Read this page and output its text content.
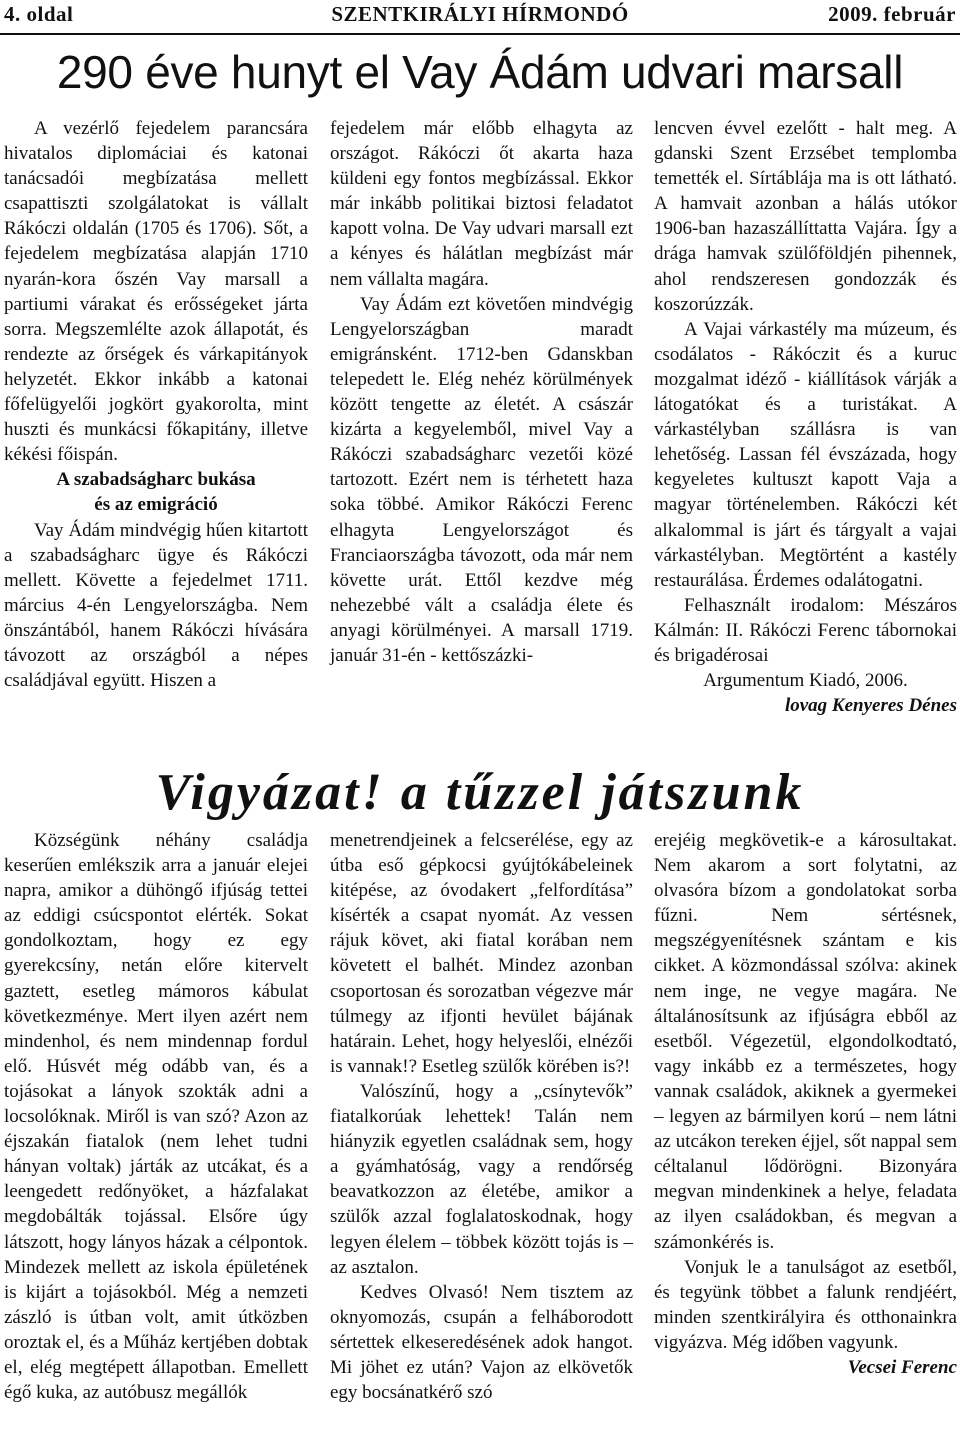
SZENTKIRÁLYI HÍRMONDÓ
4. oldal	2009. február
290 éve hunyt el Vay Ádám udvari marsall

A vezérlő fejedelem parancsára hivatalos diplomáciai és katonai tanácsadói megbízatása mellett csapattiszti szolgálatokat is vállalt Rákóczi oldalán (1705 és 1706). Sőt, a fejedelem megbízatása alapján 1710 nyarán-kora őszén Vay marsall a partiumi várakat és erősségeket járta sorra. Megszemlélte azok állapotát, és rendezte az őrségek és várkapitányok helyzetét. Ekkor inkább a katonai főfelügyelői jogkört gyakorolta, mint huszti és munkácsi főkapitány, illetve kékési főispán.

A szabadságharc bukása

és az emigráció

Vay Ádám mindvégig hűen kitartott a szabadságharc ügye és Rákóczi mellett. Követte a fejedelmet 1711. március 4-én Lengyelországba. Nem önszántából, hanem Rákóczi hívására távozott az országból a népes családjával együtt. Hiszen a

fejedelem már előbb elhagyta az országot. Rákóczi őt akarta haza küldeni egy fontos megbízással. Ekkor már inkább politikai biztosi feladatot kapott volna. De Vay udvari marsall ezt a kényes és hálátlan megbízást már nem vállalta magára.

Vay Ádám ezt követően mindvégig Lengyelországban maradt emigránsként. 1712-ben Gdanskban telepedett le. Elég nehéz körülmények között tengette az életét. A császár kizárta a kegyelemből, mivel Vay a Rákóczi szabadságharc vezetői közé tartozott. Ezért nem is térhetett haza soka többé. Amikor Rákóczi Ferenc elhagyta Lengyelországot és Franciaországba távozott, oda már nem követte urát. Ettől kezdve még nehezebbé vált a családja élete és anyagi körülményei. A marsall 1719. január 31-én - kettőszázki-

lencven évvel ezelőtt - halt meg. A gdanski Szent Erzsébet templomba temették el. Sírtáblája ma is ott látható. A hamvait azonban a hálás utókor 1906-ban hazaszállíttatta Vajára. Így a drága hamvak szülőföldjén pihennek, ahol rendszeresen gondozzák és koszorúzzák.

A Vajai várkastély ma múzeum, és csodálatos - Rákóczit és a kuruc mozgalmat idéző - kiállítások várják a látogatókat és a turistákat. A várkastélyban szállásra is van lehetőség. Lassan fél évszázada, hogy kegyeletes kultuszt kapott Vaja a magyar történelemben. Rákóczi két alkalommal is járt és tárgyalt a vajai várkastélyban. Megtörtént a kastély restaurálása. Érdemes odalátogatni.

Felhasznált irodalom: Mészáros Kálmán: II. Rákóczi Ferenc tábornokai és brigadérosai

Argumentum Kiadó, 2006.

lovag Kenyeres Dénes

Vigyázat! a tűzzel játszunk

Községünk néhány családja keserűen emlékszik arra a január elejei napra, amikor a dühöngő ifjúság tettei az eddigi csúcspontot elérték. Sokat gondolkoztam, hogy ez egy gyerekcsíny, netán előre kitervelt gaztett, esetleg mámoros kábulat következménye. Mert ilyen azért nem mindenhol, és nem mindennap fordul elő. Húsvét még odább van, és a tojásokat a lányok szokták adni a locsolóknak. Miről is van szó? Azon az éjszakán fiatalok (nem lehet tudni hányan voltak) járták az utcákat, és a leengedett redőnyöket, a házfalakat megdobálták tojással. Elsőre úgy látszott, hogy lányos házak a célpontok. Mindezek mellett az iskola épületének is kijárt a tojásokból. Még a nemzeti zászló is útban volt, amit útközben oroztak el, és a Műház kertjében dobtak el, elég megtépett állapotban. Emellett égő kuka, az autóbusz megállók

menetrendjeinek a felcserélése, egy az útba eső gépkocsi gyújtókábeleinek kitépése, az óvodakert „felfordítása” kísérték a csapat nyomát. Az vessen rájuk követ, aki fiatal korában nem követett el balhét. Mindez azonban csoportosan és sorozatban végezve már túlmegy az ifjonti hevület bájának határain. Lehet, hogy helyeslői, elnézői is vannak!? Esetleg szülők körében is?!

Valószínű, hogy a „csínytevők” fiatalkorúak lehettek! Talán nem hiányzik egyetlen családnak sem, hogy a gyámhatóság, vagy a rendőrség beavatkozzon az életébe, amikor a szülők azzal foglalatoskodnak, hogy legyen élelem – többek között tojás is – az asztalon.

Kedves Olvasó! Nem tisztem az oknyomozás, csupán a felháborodott sértettek elkeseredésének adok hangot. Mi jöhet ez után? Vajon az elkövetők egy bocsánatkérő szó

erejéig megkövetik-e a károsultakat. Nem akarom a sort folytatni, az olvasóra bízom a gondolatokat sorba fűzni. Nem sértésnek, megszégyenítésnek szántam e kis cikket. A közmondással szólva: akinek nem inge, ne vegye magára. Ne általánosítsunk az ifjúságra ebből az esetből. Végezetül, elgondolkodtató, vagy inkább ez a természetes, hogy vannak családok, akiknek a gyermekei – legyen az bármilyen korú – nem látni az utcákon tereken éjjel, sőt nappal sem céltalanul lődörögni. Bizonyára megvan mindenkinek a helye, feladata az ilyen családokban, és megvan a számonkérés is.

Vonjuk le a tanulságot az esetből, és tegyünk többet a falunk rendjéért, minden szentkirályira és otthonainkra vigyázva. Még időben vagyunk.

Vecsei Ferenc
